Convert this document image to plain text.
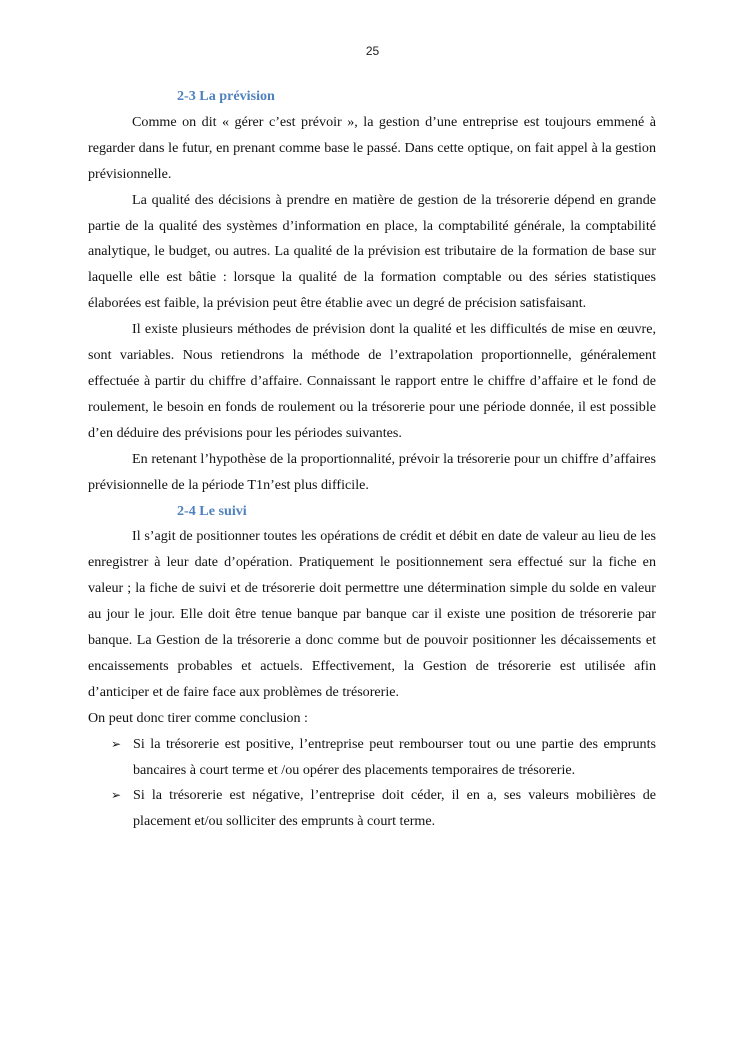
25
2-3 La prévision

Comme on dit « gérer c’est prévoir », la gestion d’une entreprise est toujours emmené à regarder dans le futur, en prenant comme base le passé. Dans cette optique, on fait appel à la gestion prévisionnelle.

La qualité des décisions à prendre en matière de gestion de la trésorerie dépend en grande partie de la qualité des systèmes d’information en place, la comptabilité générale, la comptabilité analytique, le budget, ou autres. La qualité de la prévision est tributaire de la formation de base sur laquelle elle est bâtie : lorsque la qualité de la formation comptable ou des séries statistiques élaborées est faible, la prévision peut être établie avec un degré de précision satisfaisant.

Il existe plusieurs méthodes de prévision dont la qualité et les difficultés de mise en œuvre, sont variables. Nous retiendrons la méthode de l’extrapolation proportionnelle, généralement effectuée à partir du chiffre d’affaire. Connaissant le rapport entre le chiffre d’affaire et le fond de roulement, le besoin en fonds de roulement ou la trésorerie pour une période donnée, il est possible d’en déduire des prévisions pour les périodes suivantes.

En retenant l’hypothèse de la proportionnalité, prévoir la trésorerie pour un chiffre d’affaires prévisionnelle de la période T1n’est plus difficile.

2-4 Le suivi

Il s’agit de positionner toutes les opérations de crédit et débit en date de valeur au lieu de les enregistrer à leur date d’opération. Pratiquement le positionnement sera effectué sur la fiche en valeur ; la fiche de suivi et de trésorerie doit permettre une détermination simple du solde en valeur au jour le jour. Elle doit être tenue banque par banque car il existe une position de trésorerie par banque. La Gestion de la trésorerie a donc comme but de pouvoir positionner les décaissements et encaissements probables et actuels. Effectivement, la Gestion de trésorerie est utilisée afin d’anticiper et de faire face aux problèmes de trésorerie.

On peut donc tirer comme conclusion :

➢ Si la trésorerie est positive, l’entreprise peut rembourser tout ou une partie des emprunts bancaires à court terme et /ou opérer des placements temporaires de trésorerie.
➢ Si la trésorerie est négative, l’entreprise doit céder, il en a, ses valeurs mobilières de placement et/ou solliciter des emprunts à court terme.
